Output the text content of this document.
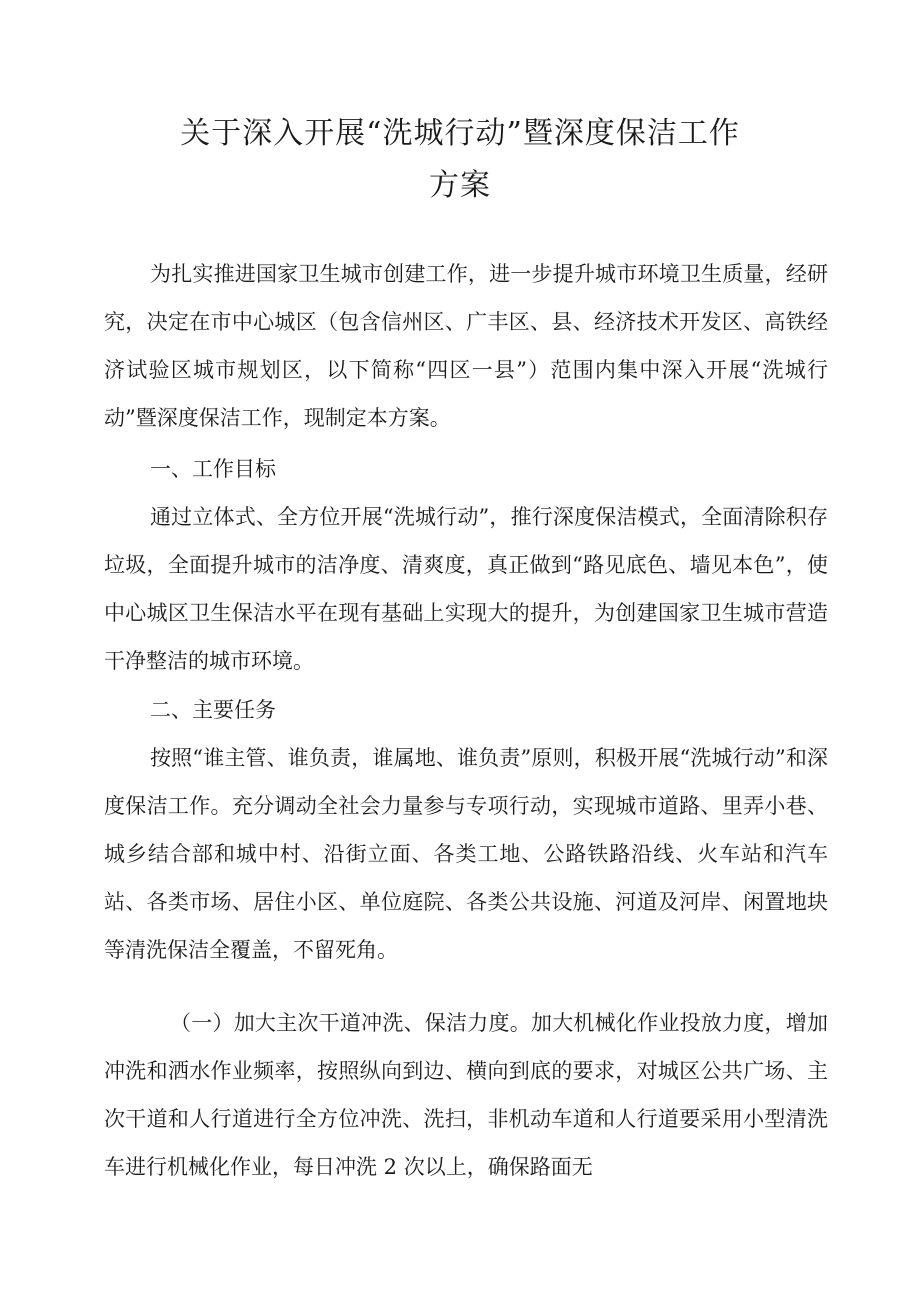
关于深入开展“洗城行动”暨深度保洁工作
方案

为扎实推进国家卫生城市创建工作，进一步提升城市环境卫生质量，经研究，决定在市中心城区（包含信州区、广丰区、县、经济技术开发区、高铁经济试验区城市规划区，以下简称“四区一县”）范围内集中深入开展“洗城行动”暨深度保洁工作，现制定本方案。

一、工作目标

通过立体式、全方位开展“洗城行动”，推行深度保洁模式，全面清除积存垃圾，全面提升城市的洁净度、清爽度，真正做到“路见底色、墙见本色”，使中心城区卫生保洁水平在现有基础上实现大的提升，为创建国家卫生城市营造干净整洁的城市环境。

二、主要任务

按照“谁主管、谁负责，谁属地、谁负责”原则，积极开展“洗城行动”和深度保洁工作。充分调动全社会力量参与专项行动，实现城市道路、里弄小巷、城乡结合部和城中村、沿街立面、各类工地、公路铁路沿线、火车站和汽车站、各类市场、居住小区、单位庭院、各类公共设施、河道及河岸、闲置地块等清洗保洁全覆盖，不留死角。

（一）加大主次干道冲洗、保洁力度。加大机械化作业投放力度，增加冲洗和洒水作业频率，按照纵向到边、横向到底的要求，对城区公共广场、主次干道和人行道进行全方位冲洗、洗扫，非机动车道和人行道要采用小型清洗车进行机械化作业，每日冲洗 2 次以上，确保路面无
